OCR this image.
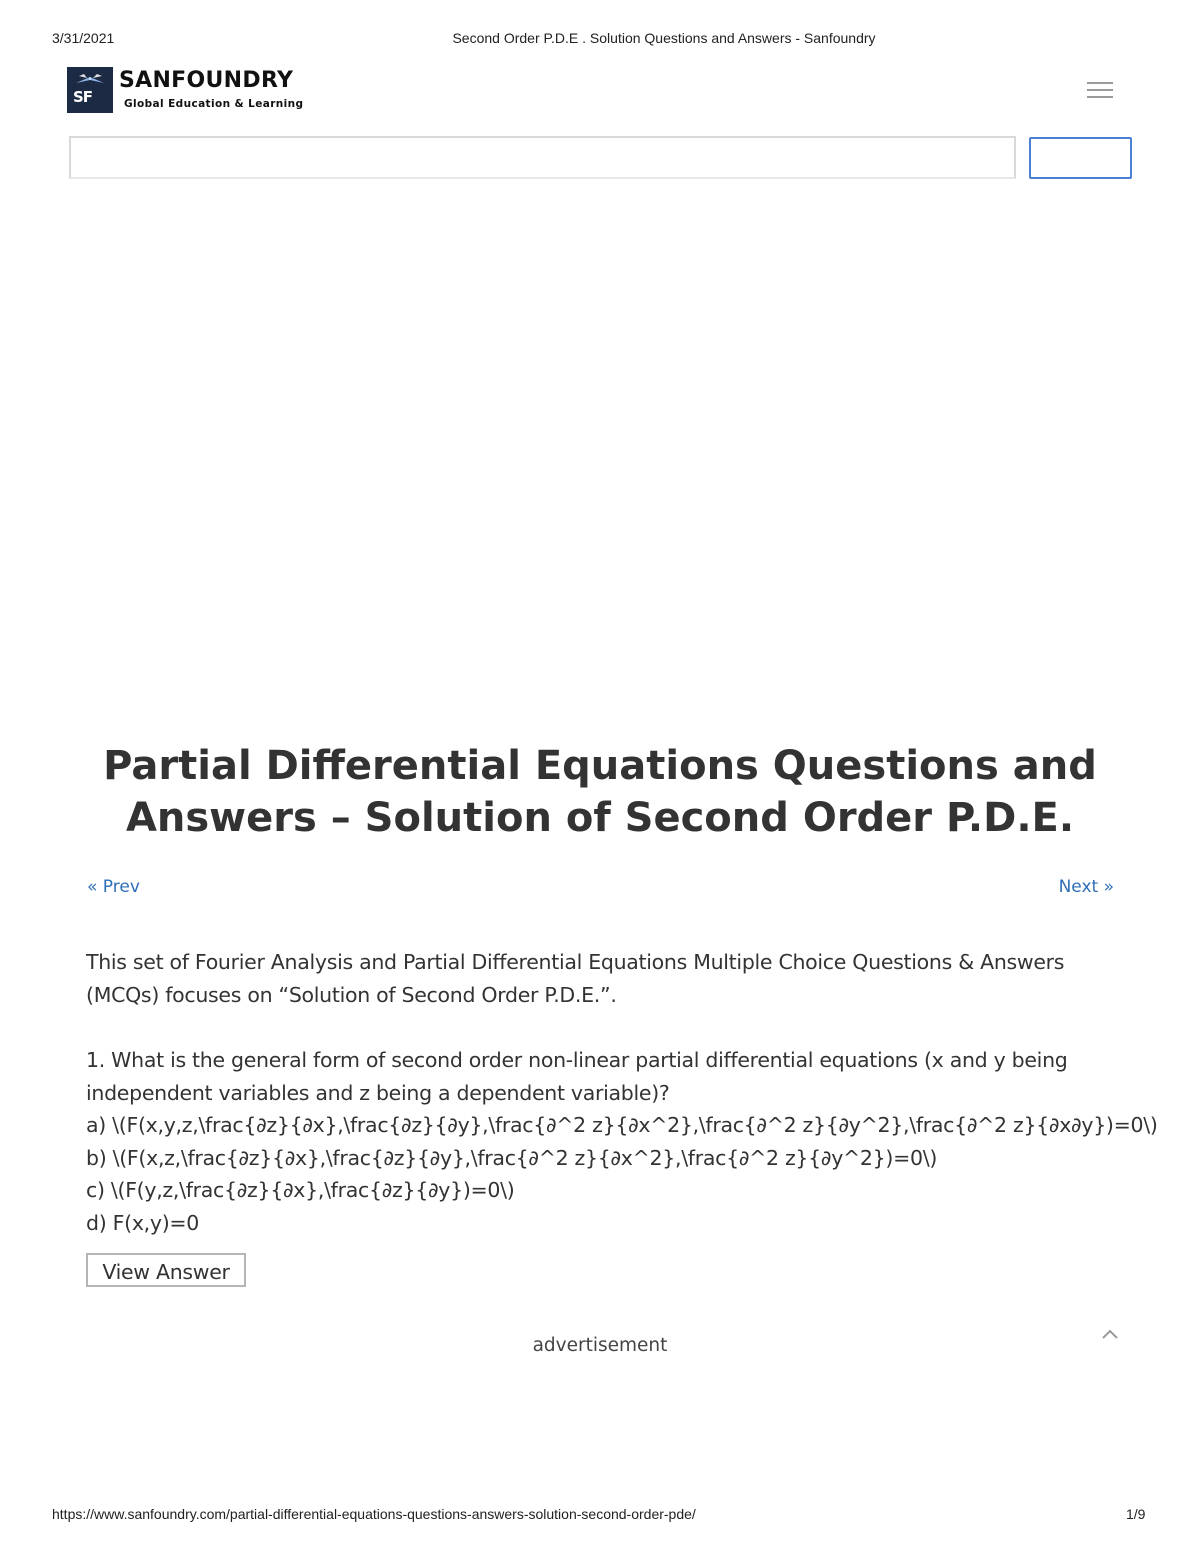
3/31/2021	Second Order P.D.E . Solution Questions and Answers - Sanfoundry
SF
SANFOUNDRY
Global Education & Learning
Partial Differential Equations Questions and Answers – Solution of Second Order P.D.E.
« Prev	Next »

This set of Fourier Analysis and Partial Differential Equations Multiple Choice Questions & Answers (MCQs) focuses on “Solution of Second Order P.D.E.”.

1. What is the general form of second order non-linear partial differential equations (x and y being independent variables and z being a dependent variable)?

a) \(F(x,y,z,\frac{∂z}{∂x},\frac{∂z}{∂y},\frac{∂^2 z}{∂x^2},\frac{∂^2 z}{∂y^2},\frac{∂^2 z}{∂x∂y})=0\)

b) \(F(x,z,\frac{∂z}{∂x},\frac{∂z}{∂y},\frac{∂^2 z}{∂x^2},\frac{∂^2 z}{∂y^2})=0\)

c) \(F(y,z,\frac{∂z}{∂x},\frac{∂z}{∂y})=0\)

d) F(x,y)=0

View Answer
advertisement
https://www.sanfoundry.com/partial-differential-equations-questions-answers-solution-second-order-pde/	1/9
